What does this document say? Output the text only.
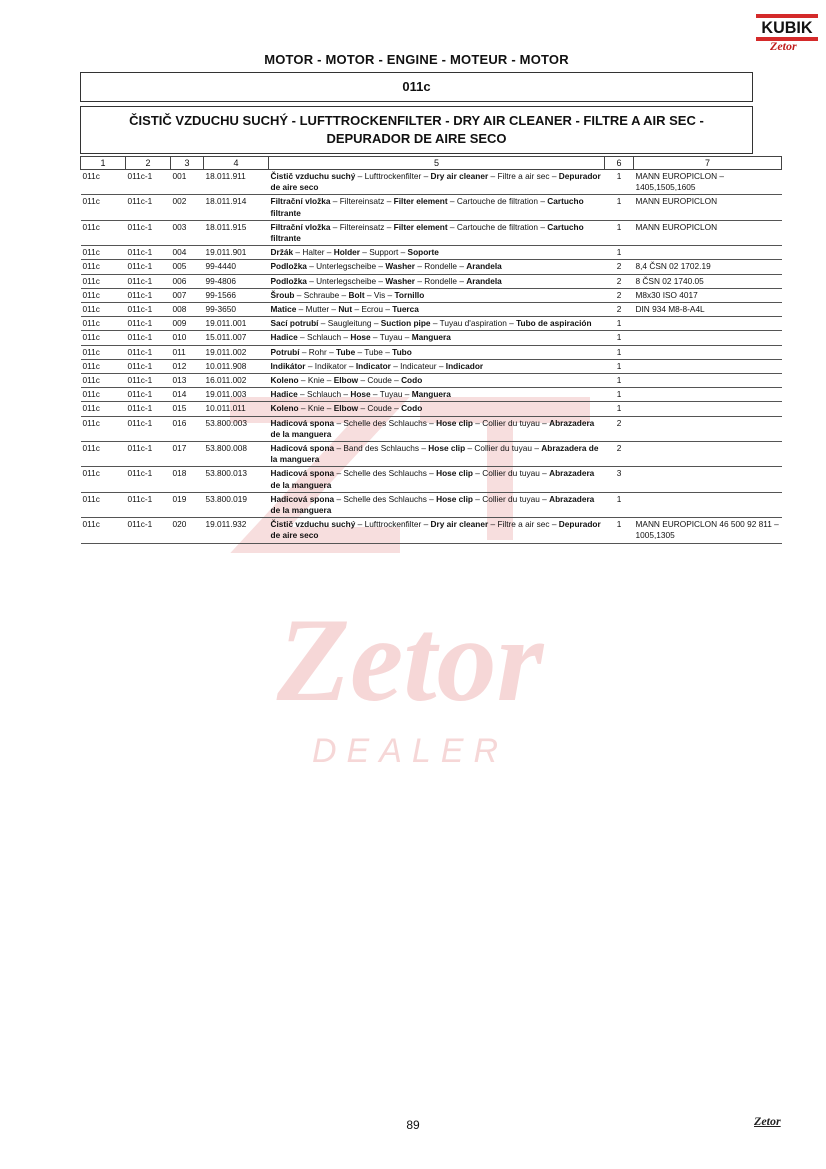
KUBIK
Zetor
MOTOR - MOTOR - ENGINE - MOTEUR - MOTOR
011c
ČISTIČ VZDUCHU SUCHÝ - LUFTTROCKENFILTER - DRY AIR CLEANER - FILTRE A AIR SEC -
DEPURADOR DE AIRE SECO
Zetor
DEALER
1	2	3	4	5	6	7
011c	011c-1	001	18.011.911	Čistič vzduchu suchý – Lufttrockenfilter – Dry air cleaner – Filtre a air sec – Depurador de aire seco	1	MANN EUROPICLON – 1405,1505,1605
011c	011c-1	002	18.011.914	Filtrační vložka – Filtereinsatz – Filter element – Cartouche de filtration – Cartucho filtrante	1	MANN EUROPICLON
011c	011c-1	003	18.011.915	Filtrační vložka – Filtereinsatz – Filter element – Cartouche de filtration – Cartucho filtrante	1	MANN EUROPICLON
011c	011c-1	004	19.011.901	Držák – Halter – Holder – Support – Soporte	1	
011c	011c-1	005	99-4440	Podložka – Unterlegscheibe – Washer – Rondelle – Arandela	2	8,4 ČSN 02 1702.19
011c	011c-1	006	99-4806	Podložka – Unterlegscheibe – Washer – Rondelle – Arandela	2	8 ČSN 02 1740.05
011c	011c-1	007	99-1566	Šroub – Schraube – Bolt – Vis – Tornillo	2	M8x30 ISO 4017
011c	011c-1	008	99-3650	Matice – Mutter – Nut – Ecrou – Tuerca	2	DIN 934 M8-8-A4L
011c	011c-1	009	19.011.001	Sací potrubí – Saugleitung – Suction pipe – Tuyau d'aspiration – Tubo de aspiración	1	
011c	011c-1	010	15.011.007	Hadice – Schlauch – Hose – Tuyau – Manguera	1	
011c	011c-1	011	19.011.002	Potrubí – Rohr – Tube – Tube – Tubo	1	
011c	011c-1	012	10.011.908	Indikátor – Indikator – Indicator – Indicateur – Indicador	1	
011c	011c-1	013	16.011.002	Koleno – Knie – Elbow – Coude – Codo	1	
011c	011c-1	014	19.011.003	Hadice – Schlauch – Hose – Tuyau – Manguera	1	
011c	011c-1	015	10.011.011	Koleno – Knie – Elbow – Coude – Codo	1	
011c	011c-1	016	53.800.003	Hadicová spona – Schelle des Schlauchs – Hose clip – Collier du tuyau – Abrazadera de la manguera	2	
011c	011c-1	017	53.800.008	Hadicová spona – Band des Schlauchs – Hose clip – Collier du tuyau – Abrazadera de la manguera	2	
011c	011c-1	018	53.800.013	Hadicová spona – Schelle des Schlauchs – Hose clip – Collier du tuyau – Abrazadera de la manguera	3	
011c	011c-1	019	53.800.019	Hadicová spona – Schelle des Schlauchs – Hose clip – Collier du tuyau – Abrazadera de la manguera	1	
011c	011c-1	020	19.011.932	Čistič vzduchu suchý – Lufttrockenfilter – Dry air cleaner – Filtre a air sec – Depurador de aire seco	1	MANN EUROPICLON 46 500 92 811 – 1005,1305
89	Zetor
